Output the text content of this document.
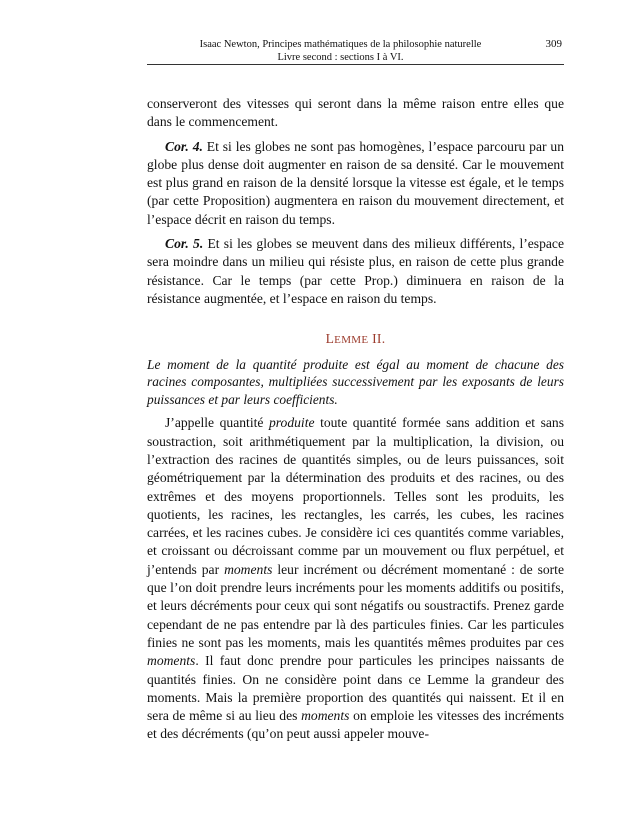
Isaac Newton, Principes mathématiques de la philosophie naturelle
Livre second : sections I à VI.
309

conserveront des vitesses qui seront dans la même raison entre elles que dans le commencement.

Cor. 4. Et si les globes ne sont pas homogènes, l’espace parcouru par un globe plus dense doit augmenter en raison de sa densité. Car le mouvement est plus grand en raison de la densité lorsque la vitesse est égale, et le temps (par cette Proposition) augmentera en raison du mouvement directement, et l’espace décrit en raison du temps.

Cor. 5. Et si les globes se meuvent dans des milieux différents, l’espace sera moindre dans un milieu qui résiste plus, en raison de cette plus grande résistance. Car le temps (par cette Prop.) diminuera en raison de la résistance augmentée, et l’espace en raison du temps.

LEMME II.

Le moment de la quantité produite est égal au moment de chacune des racines composantes, multipliées successivement par les exposants de leurs puissances et par leurs coefficients.

J’appelle quantité produite toute quantité formée sans addition et sans soustraction, soit arithmétiquement par la multiplication, la division, ou l’extraction des racines de quantités simples, ou de leurs puissances, soit géométriquement par la détermination des produits et des racines, ou des extrêmes et des moyens proportionnels. Telles sont les produits, les quotients, les racines, les rectangles, les carrés, les cubes, les racines carrées, et les racines cubes. Je considère ici ces quantités comme variables, et croissant ou décroissant comme par un mouvement ou flux perpétuel, et j’entends par moments leur incrément ou décrément momentané : de sorte que l’on doit prendre leurs incréments pour les moments additifs ou positifs, et leurs décréments pour ceux qui sont négatifs ou soustractifs. Prenez garde cependant de ne pas entendre par là des particules finies. Car les particules finies ne sont pas les moments, mais les quantités mêmes produites par ces moments. Il faut donc prendre pour particules les principes naissants de quantités finies. On ne considère point dans ce Lemme la grandeur des moments. Mais la première proportion des quantités qui naissent. Et il en sera de même si au lieu des moments on emploie les vitesses des incréments et des décréments (qu’on peut aussi appeler mouve-
